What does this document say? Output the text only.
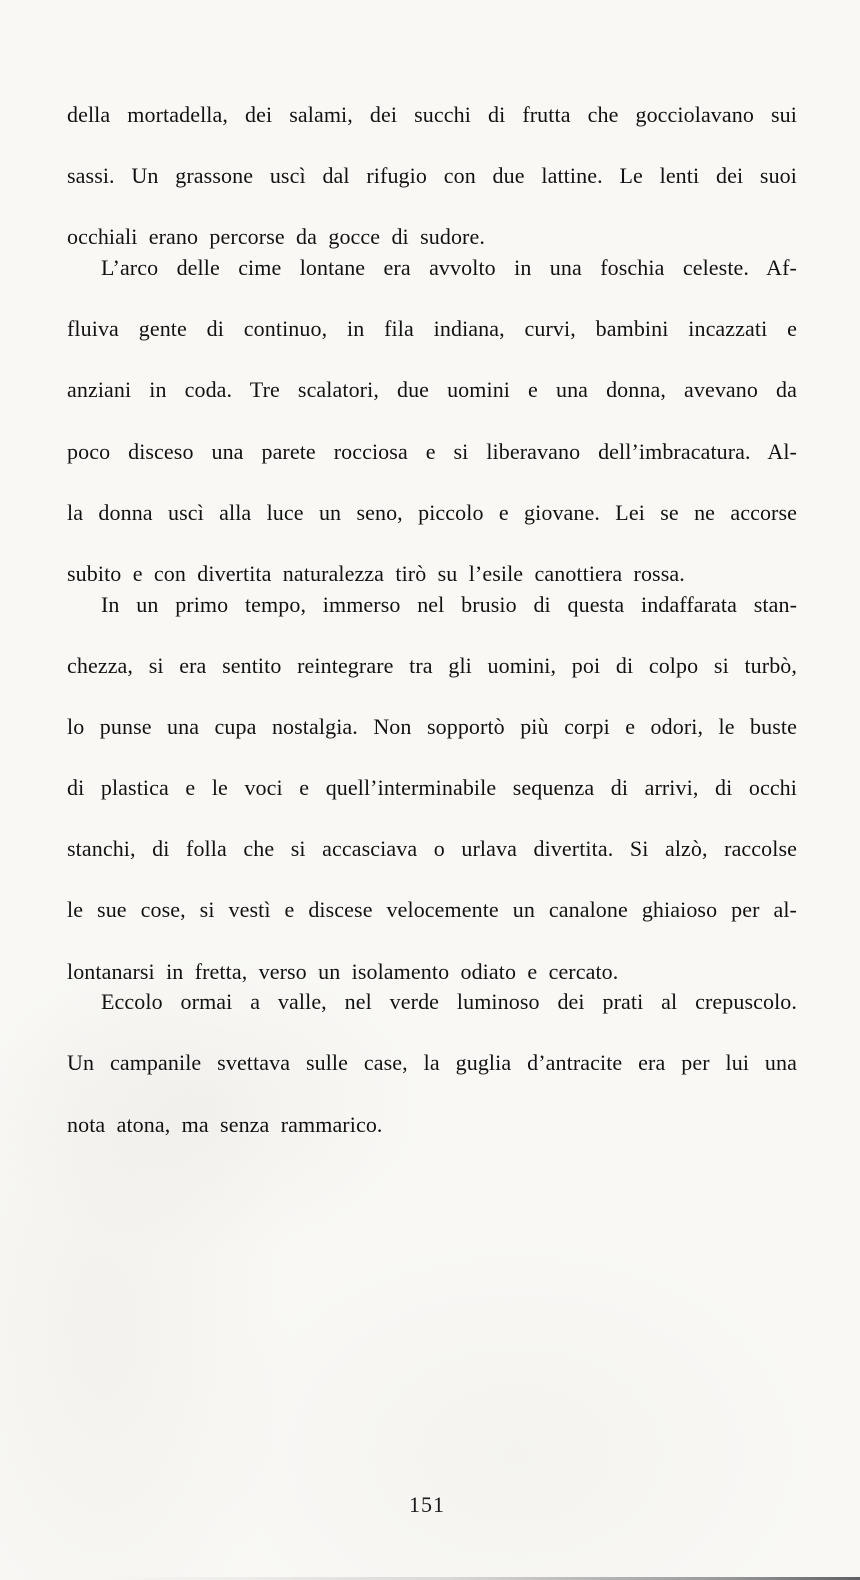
della mortadella, dei salami, dei succhi di frutta che gocciolavano sui
sassi. Un grassone uscì dal rifugio con due lattine. Le lenti dei suoi
occhiali erano percorse da gocce di sudore.
L’arco delle cime lontane era avvolto in una foschia celeste. Af-
fluiva gente di continuo, in fila indiana, curvi, bambini incazzati e
anziani in coda. Tre scalatori, due uomini e una donna, avevano da
poco disceso una parete rocciosa e si liberavano dell’imbracatura. Al-
la donna uscì alla luce un seno, piccolo e giovane. Lei se ne accorse
subito e con divertita naturalezza tirò su l’esile canottiera rossa.
In un primo tempo, immerso nel brusio di questa indaffarata stan-
chezza, si era sentito reintegrare tra gli uomini, poi di colpo si turbò,
lo punse una cupa nostalgia. Non sopportò più corpi e odori, le buste
di plastica e le voci e quell’interminabile sequenza di arrivi, di occhi
stanchi, di folla che si accasciava o urlava divertita. Si alzò, raccolse
le sue cose, si vestì e discese velocemente un canalone ghiaioso per al-
lontanarsi in fretta, verso un isolamento odiato e cercato.
Eccolo ormai a valle, nel verde luminoso dei prati al crepuscolo.
Un campanile svettava sulle case, la guglia d’antracite era per lui una
nota atona, ma senza rammarico.
151
